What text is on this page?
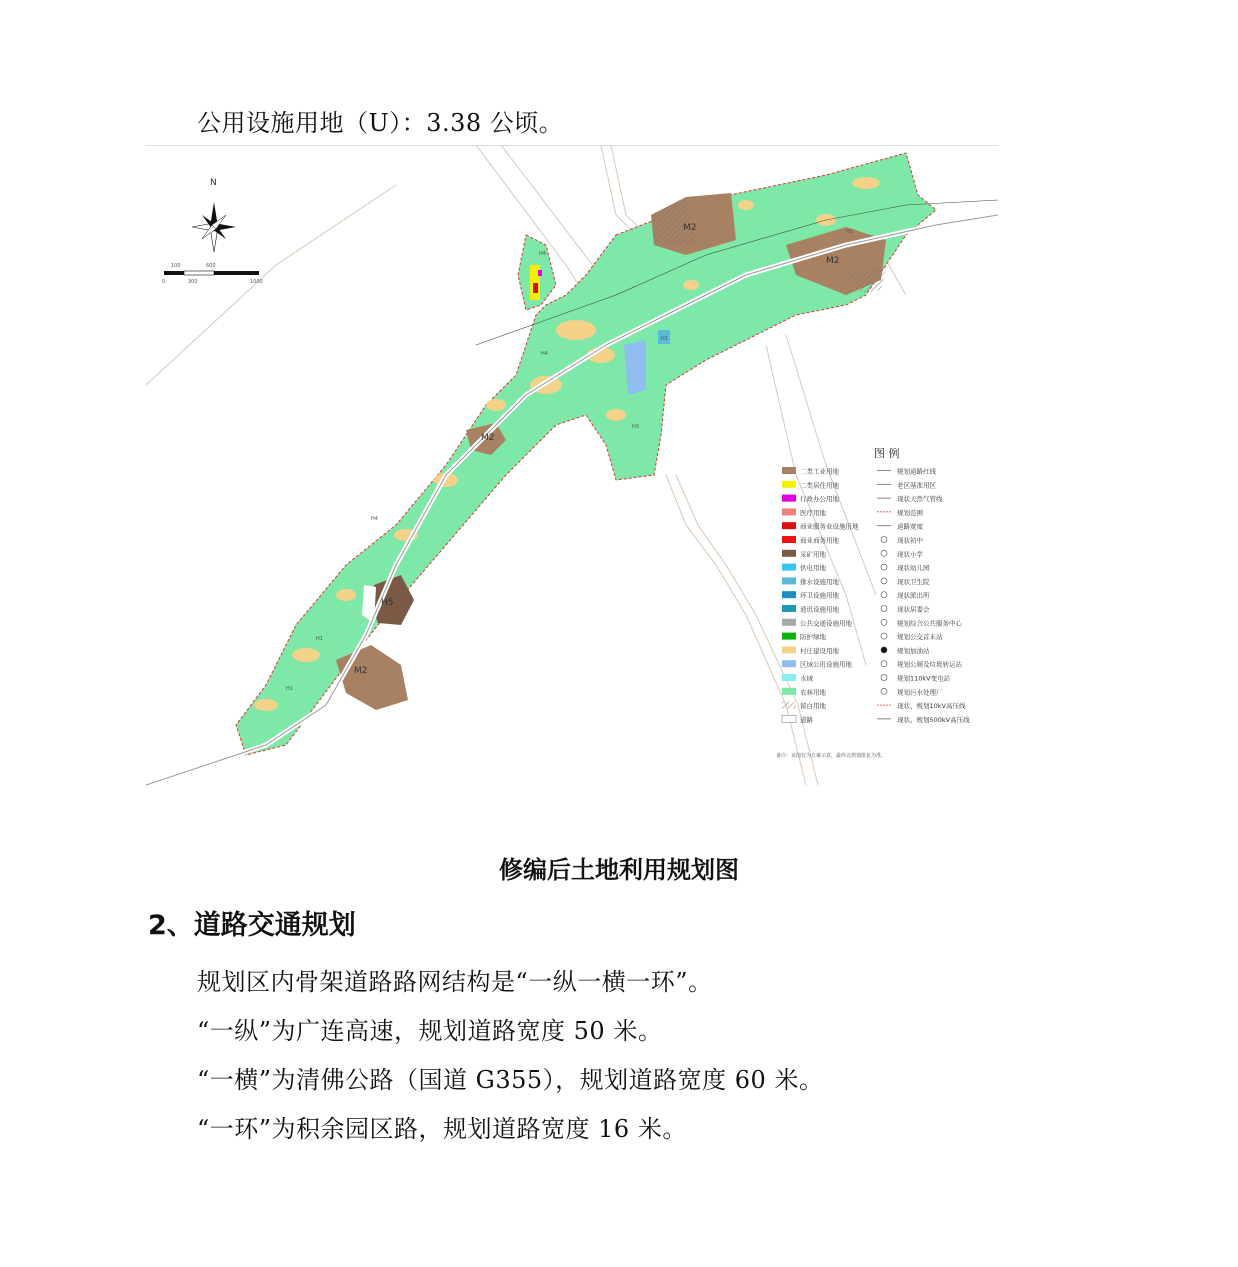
公用设施用地（U）：3.38 公顷。
N
100	600
0	300	1000
M2
M2
M2
M2
H5
H4
H4
H4
H1
H1
H1
H3
H1
图 例
二类工业用地
二类居住用地
行政办公用地
医疗用地
商业服务业设施用地
商业商务用地
采矿用地
供电用地
排水设施用地
环卫设施用地
通讯设施用地
公共交通设施用地
防护绿地
村庄建设用地
区域公用设施用地
水域
农林用地
留白用地
道路
规划道路红线
老区基准用区
现状天然气管线
规划范围
道路宽度
现状初中
现状小学
现状幼儿园
现状卫生院
现状派出所
现状居委会
规划综合公共服务中心
规划公交首末站
规划加油站
规划公厕及垃圾转运站
规划110kV变电站
规划污水处理厂
现状、规划10kV高压线
现状、规划500kV高压线
备注：该图仅为方案示意，最终以规划批复为准。
修编后土地利用规划图
2、道路交通规划
规划区内骨架道路路网结构是“一纵一横一环”。
“一纵”为广连高速，规划道路宽度 50 米。
“一横”为清佛公路（国道 G355），规划道路宽度 60 米。
“一环”为积余园区路，规划道路宽度 16 米。
